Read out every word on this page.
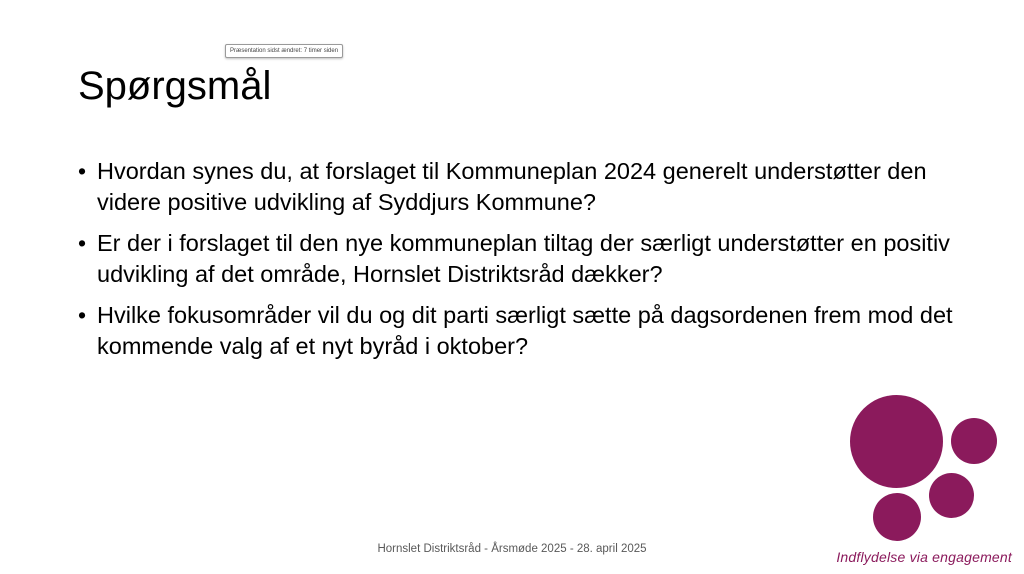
Præsentation sidst ændret: 7 timer siden
Spørgsmål
• Hvordan synes du, at forslaget til Kommuneplan 2024 generelt understøtter den videre positive udvikling af Syddjurs Kommune?
• Er der i forslaget til den nye kommuneplan tiltag der særligt understøtter en positiv udvikling af det område, Hornslet Distriktsråd dækker?
• Hvilke fokusområder vil du og dit parti særligt sætte på dagsordenen frem mod det kommende valg af et nyt byråd i oktober?
Hornslet Distriktsråd - Årsmøde 2025 - 28. april 2025	Indflydelse via engagement
